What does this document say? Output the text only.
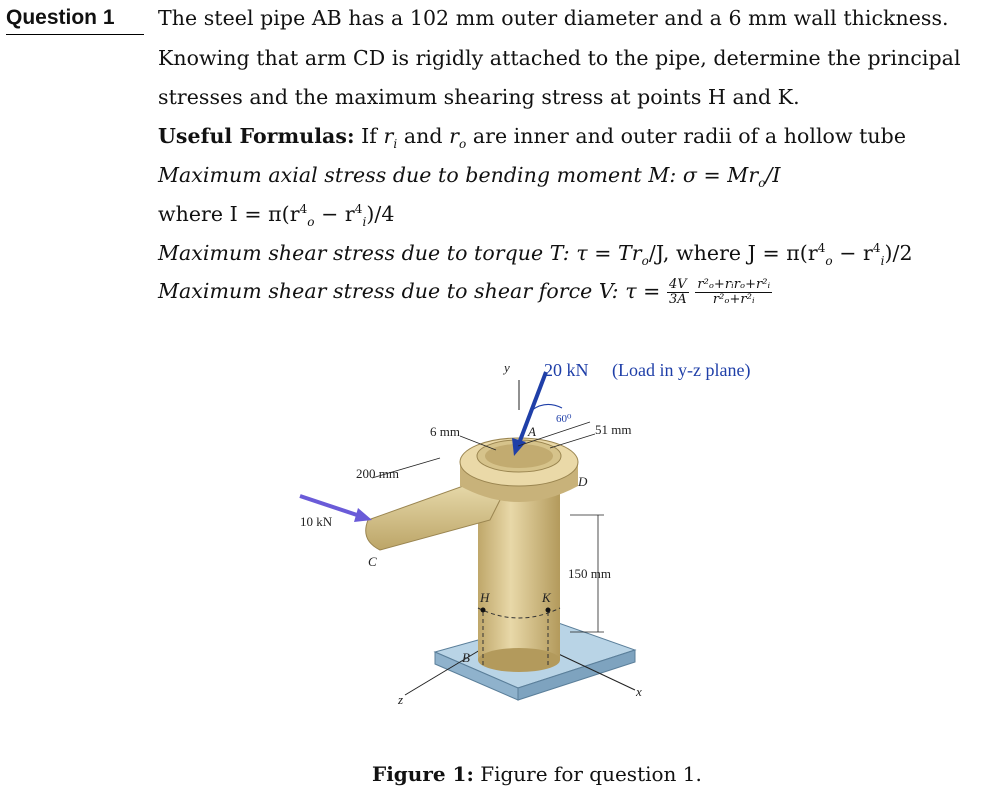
Question 1 The steel pipe AB has a 102 mm outer diameter and a 6 mm wall thickness.
Knowing that arm CD is rigidly attached to the pipe, determine the principal
stresses and the maximum shearing stress at points H and K.
Useful Formulas: If $r_i$ and $r_o$ are inner and outer radii of a hollow tube
Maximum axial stress due to bending moment M: $\sigma = Mr_o/I$
where $I = \pi(r^4_o - r^4_i)/4$
Maximum shear stress due to torque T: $\tau = Tr_o/J$, where $J = \pi(r^4_o - r^4_i)/2$
Maximum shear stress due to shear force V: $\tau = \frac{4V}{3A}$
$\frac{\text{r²ₒ+rᵢrₒ+r²ᵢ}}{\text{r²ₒ+r²ᵢ}}$
y 20 kN (Load in y-z plane)
60⁰
A	51 mm
6 mm
200 mm
D
10 kN
C
150 mm
H	K
B
z
x
Figure 1: Figure for question 1.
